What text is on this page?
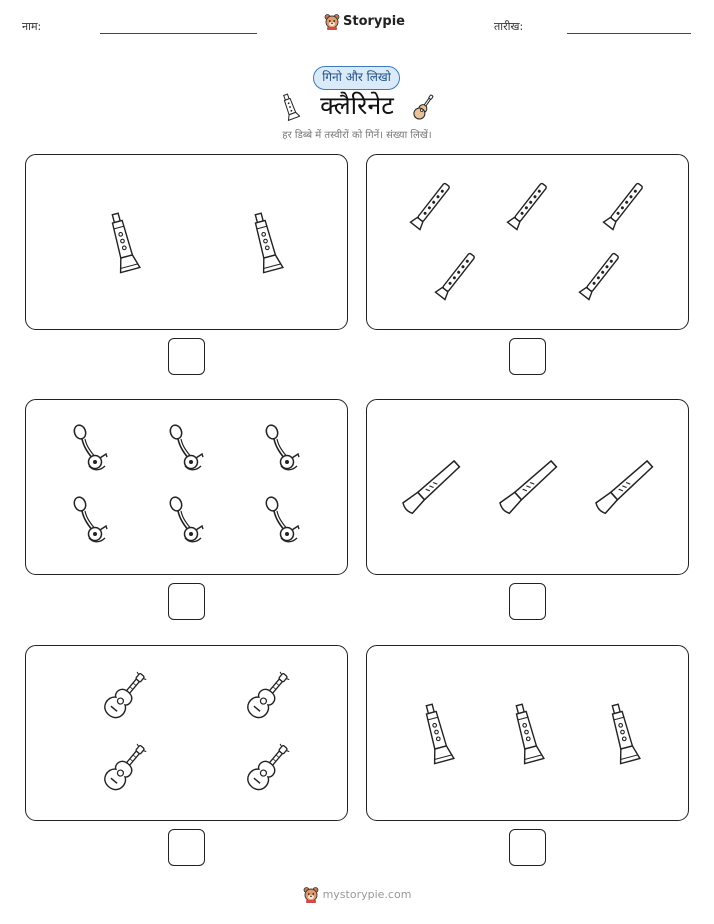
नाम:	Storypie	तारीख:
गिनो और लिखो
क्लैरिनेट
हर डिब्बे में तस्वीरों को गिनें। संख्या लिखें।
mystorypie.com
